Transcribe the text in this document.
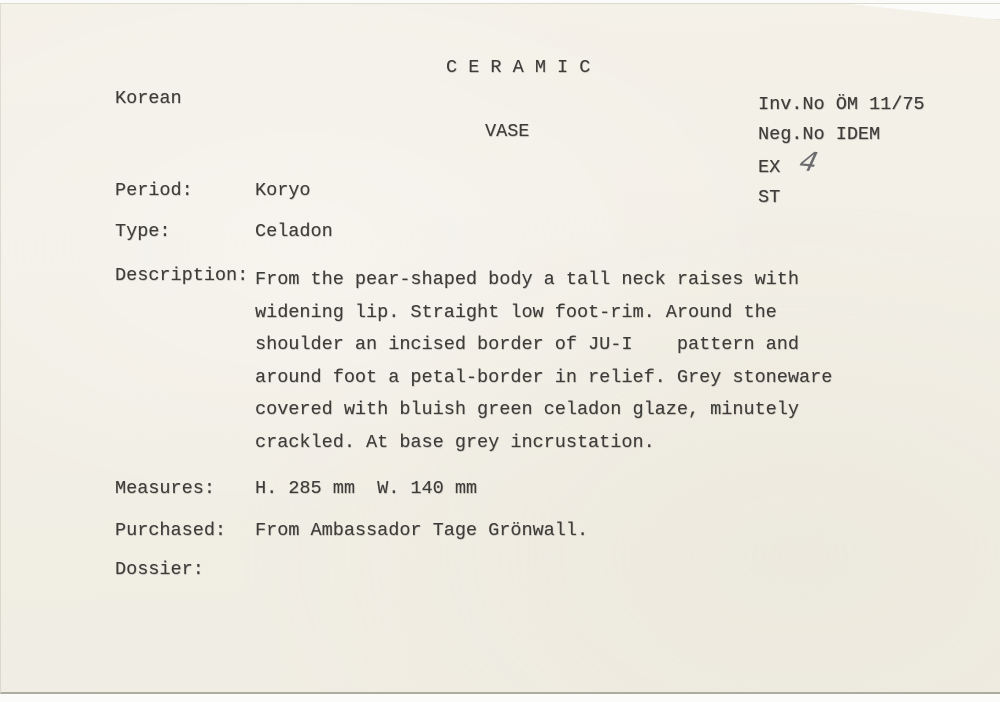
C E R A M I C
Korean
VASE
Inv.No ÖM 11/75
Neg.No IDEM
EX 4
ST
Period:	Koryo
Type:	Celadon
Description: From the pear-shaped body a tall neck raises with
widening lip. Straight low foot-rim. Around the
shoulder an incised border of JU-I    pattern and
around foot a petal-border in relief. Grey stoneware
covered with bluish green celadon glaze, minutely
crackled. At base grey incrustation.
Measures: H. 285 mm  W. 140 mm
Purchased: From Ambassador Tage Grönwall.
Dossier:
